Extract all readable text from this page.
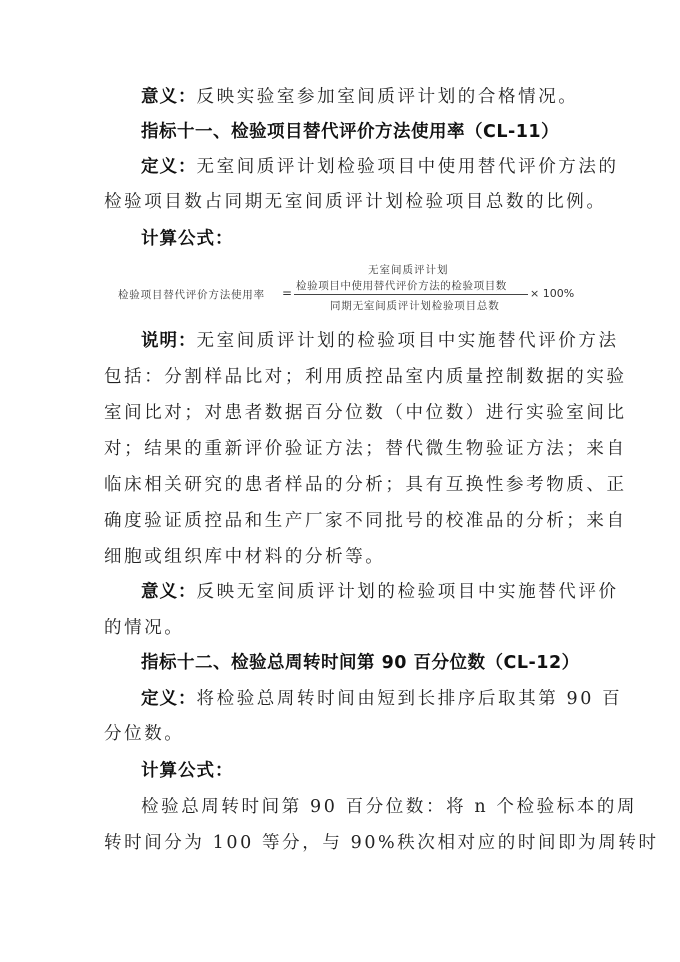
意义：反映实验室参加室间质评计划的合格情况。
指标十一、检验项目替代评价方法使用率（CL-11）
定义：无室间质评计划检验项目中使用替代评价方法的
检验项目数占同期无室间质评计划检验项目总数的比例。
计算公式：
无室间质评计划
检验项目替代评价方法使用率 = 检验项目中使用替代评价方法的检验项目数
同期无室间质评计划检验项目总数
× 100%
说明：无室间质评计划的检验项目中实施替代评价方法
包括：分割样品比对；利用质控品室内质量控制数据的实验
室间比对；对患者数据百分位数（中位数）进行实验室间比
对；结果的重新评价验证方法；替代微生物验证方法；来自
临床相关研究的患者样品的分析；具有互换性参考物质、正
确度验证质控品和生产厂家不同批号的校准品的分析；来自
细胞或组织库中材料的分析等。
意义：反映无室间质评计划的检验项目中实施替代评价
的情况。
指标十二、检验总周转时间第 90 百分位数（CL-12）
定义：将检验总周转时间由短到长排序后取其第 90 百
分位数。
计算公式：
检验总周转时间第 90 百分位数：将 n 个检验标本的周
转时间分为 100 等分，与 90%秩次相对应的时间即为周转时
